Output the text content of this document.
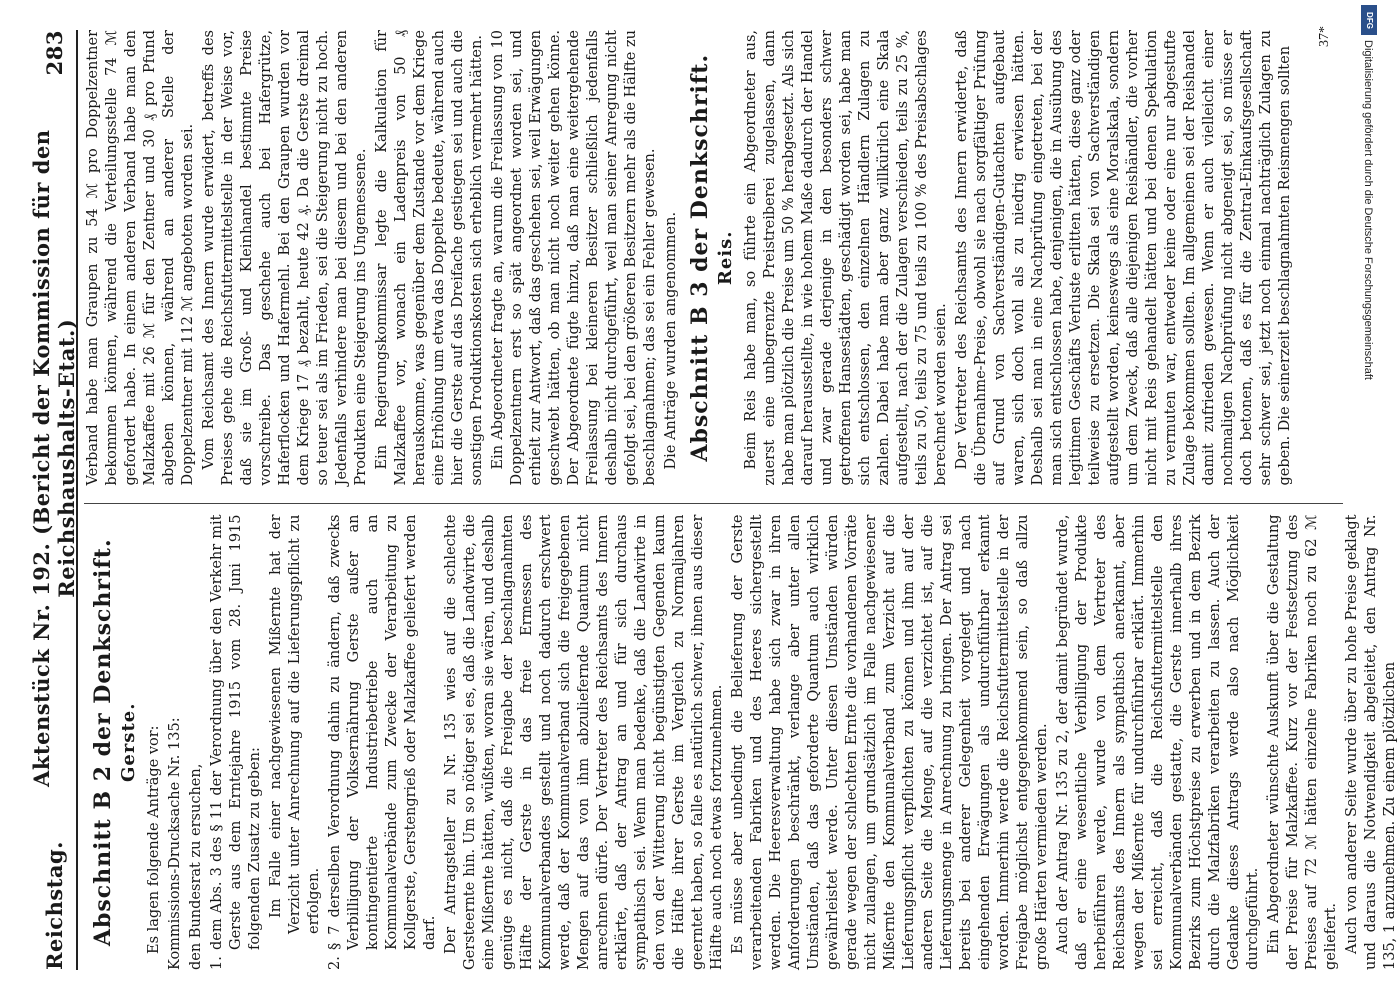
Reichstag.
Aktenstück Nr. 192. (Bericht der Kommission für den Reichshaushalts-Etat.)
283
Abschnitt B 2 der Denkschrift. Gerste. Es lagen folgende Anträge vor: Kommissions-Drucksache Nr. 135: den Bundesrat zu ersuchen, 1.dem Abs. 3 des § 11 der Verordnung über den Verkehr mit Gerste aus dem Erntejahre 1915 vom 28. Juni 1915 folgenden Zusatz zu geben: Im Falle einer nachgewiesenen Mißernte hat der Verzicht unter Anrechnung auf die Lieferungspflicht zu erfolgen.

2.§ 7 derselben Verordnung dahin zu ändern, daß zwecks Verbilligung der Volksernährung Gerste außer an kontingentierte Industriebetriebe auch an Kommunalverbände zum Zwecke der Verarbeitung zu Kollgerste, Gerstengrieß oder Malzkaffee geliefert werden darf. Der Antragsteller zu Nr. 135 wies auf die schlechte Gersteernte hin. Um so nötiger sei es, daß die Landwirte, die eine Mißernte hätten, wüßten, woran sie wären, und deshalb genüge es nicht, daß die Freigabe der beschlagnahmten Hälfte der Gerste in das freie Ermessen des Kommunalverbandes gestellt und noch dadurch erschwert werde, daß der Kommunalverband sich die freigegebenen Mengen auf das von ihm abzuliefernde Quantum nicht anrechnen dürfe. Der Vertreter des Reichsamts des Innern erklärte, daß der Antrag an und für sich durchaus sympathisch sei. Wenn man bedenke, daß die Landwirte in den von der Witterung nicht begünstigten Gegenden kaum die Hälfte ihrer Gerste im Vergleich zu Normaljahren geerntet haben, so falle es natürlich schwer, ihnen aus dieser Hälfte auch noch etwas fortzunehmen. Es müsse aber unbedingt die Belieferung der Gerste verarbeitenden Fabriken und des Heeres sichergestellt werden. Die Heeresverwaltung habe sich zwar in ihren Anforderungen beschränkt, verlange aber unter allen Umständen, daß das geforderte Quantum auch wirklich gewährleistet werde. Unter diesen Umständen würden gerade wegen der schlechten Ernte die vorhandenen Vorräte nicht zulangen, um grundsätzlich im Falle nachgewiesener Mißernte den Kommunalverband zum Verzicht auf die Lieferungspflicht verpflichten zu können und ihm auf der anderen Seite die Menge, auf die verzichtet ist, auf die Lieferungsmenge in Anrechnung zu bringen. Der Antrag sei bereits bei anderer Gelegenheit vorgelegt und nach eingehenden Erwägungen als undurchführbar erkannt worden. Immerhin werde die Reichsfuttermittelstelle in der Freigabe möglichst entgegenkommend sein, so daß allzu große Härten vermieden werden. Auch der Antrag Nr. 135 zu 2, der damit begründet wurde, daß er eine wesentliche Verbilligung der Produkte herbeiführen werde, wurde von dem Vertreter des Reichsamts des Innern als sympathisch anerkannt, aber wegen der Mißernte für undurchführbar erklärt. Immerhin sei erreicht, daß die Reichsfuttermittelstelle den Kommunalverbänden gestatte, die Gerste innerhalb ihres Bezirks zum Höchstpreise zu erwerben und in dem Bezirk durch die Malzfabriken verarbeiten zu lassen. Auch der Gedanke dieses Antrags werde also nach Möglichkeit durchgeführt. Ein Abgeordneter wünschte Auskunft über die Gestaltung der Preise für Malzkaffee. Kurz vor der Festsetzung des Preises auf 72 ℳ hätten einzelne Fabriken noch zu 62 ℳ geliefert. Auch von anderer Seite wurde über zu hohe Preise geklagt und daraus die Notwendigkeit abgeleitet, den Antrag Nr. 135, 1 anzunehmen. Zu einem plötzlichen

Verband habe man Graupen zu 54 ℳ pro Doppelzentner bekommen können, während die Verteilungsstelle 74 ℳ gefordert habe. In einem anderen Verband habe man den Malzkaffee mit 26 ℳ für den Zentner und 30 ₰ pro Pfund abgeben können, während an anderer Stelle der Doppelzentner mit 112 ℳ angeboten worden sei. Vom Reichsamt des Innern wurde erwidert, betreffs des Preises gehe die Reichsfuttermittelstelle in der Weise vor, daß sie im Groß- und Kleinhandel bestimmte Preise vorschreibe. Das geschehe auch bei Hafergrütze, Haferflocken und Hafermehl. Bei den Graupen wurden vor dem Kriege 17 ₰ bezahlt, heute 42 ₰. Da die Gerste dreimal so teuer sei als im Frieden, sei die Steigerung nicht zu hoch. Jedenfalls verhindere man bei diesem und bei den anderen Produkten eine Steigerung ins Ungemessene. Ein Regierungskommissar legte die Kalkulation für Malzkaffee vor, wonach ein Ladenpreis von 50 ₰ herauskomme, was gegenüber dem Zustande vor dem Kriege eine Erhöhung um etwa das Doppelte bedeute, während auch hier die Gerste auf das Dreifache gestiegen sei und auch die sonstigen Produktionskosten sich erheblich vermehrt hätten. Ein Abgeordneter fragte an, warum die Freilassung von 10 Doppelzentnern erst so spät angeordnet worden sei, und erhielt zur Antwort, daß das geschehen sei, weil Erwägungen geschwebt hätten, ob man nicht noch weiter gehen könne. Der Abgeordnete fügte hinzu, daß man eine weitergehende Freilassung bei kleineren Besitzer schließlich jedenfalls deshalb nicht durchgeführt, weil man seiner Anregung nicht gefolgt sei, bei den größeren Besitzern mehr als die Hälfte zu beschlagnahmen; das sei ein Fehler gewesen. Die Anträge wurden angenommen. Abschnitt B 3 der Denkschrift. Reis. Beim Reis habe man, so führte ein Abgeordneter aus, zuerst eine unbegrenzte Preistreiberei zugelassen, dann habe man plötzlich die Preise um 50 % herabgesetzt. Als sich darauf herausstellte, in wie hohem Maße dadurch der Handel und zwar gerade derjenige in den besonders schwer getroffenen Hansestädten, geschädigt worden sei, habe man sich entschlossen, den einzelnen Händlern Zulagen zu zahlen. Dabei habe man aber ganz willkürlich eine Skala aufgestellt, nach der die Zulagen verschieden, teils zu 25 %, teils zu 50, teils zu 75 und teils zu 100 % des Preisabschlages berechnet worden seien. Der Vertreter des Reichsamts des Innern erwiderte, daß die Übernahme-Preise, obwohl sie nach sorgfältiger Prüfung auf Grund von Sachverständigen-Gutachten aufgebaut waren, sich doch wohl als zu niedrig erwiesen hätten. Deshalb sei man in eine Nachprüfung eingetreten, bei der man sich entschlossen habe, denjenigen, die in Ausübung des legitimen Geschäfts Verluste erlitten hätten, diese ganz oder teilweise zu ersetzen. Die Skala sei von Sachverständigen aufgestellt worden, keineswegs als eine Moralskala, sondern um dem Zweck, daß alle diejenigen Reishändler, die vorher nicht mit Reis gehandelt hätten und bei denen Spekulation zu vermuten war, entweder keine oder eine nur abgestufte Zulage bekommen sollten. Im allgemeinen sei der Reishandel damit zufrieden gewesen. Wenn er auch vielleicht einer nochmaligen Nachprüfung nicht abgeneigt sei, so müsse er doch betonen, daß es für die Zentral-Einkaufsgesellschaft sehr schwer sei, jetzt noch einmal nachträglich Zulagen zu geben. Die seinerzeit beschlagnahmten Reismengen sollten

37*
DFG
Digitalisierung gefördert durch die Deutsche Forschungsgemeinschaft
